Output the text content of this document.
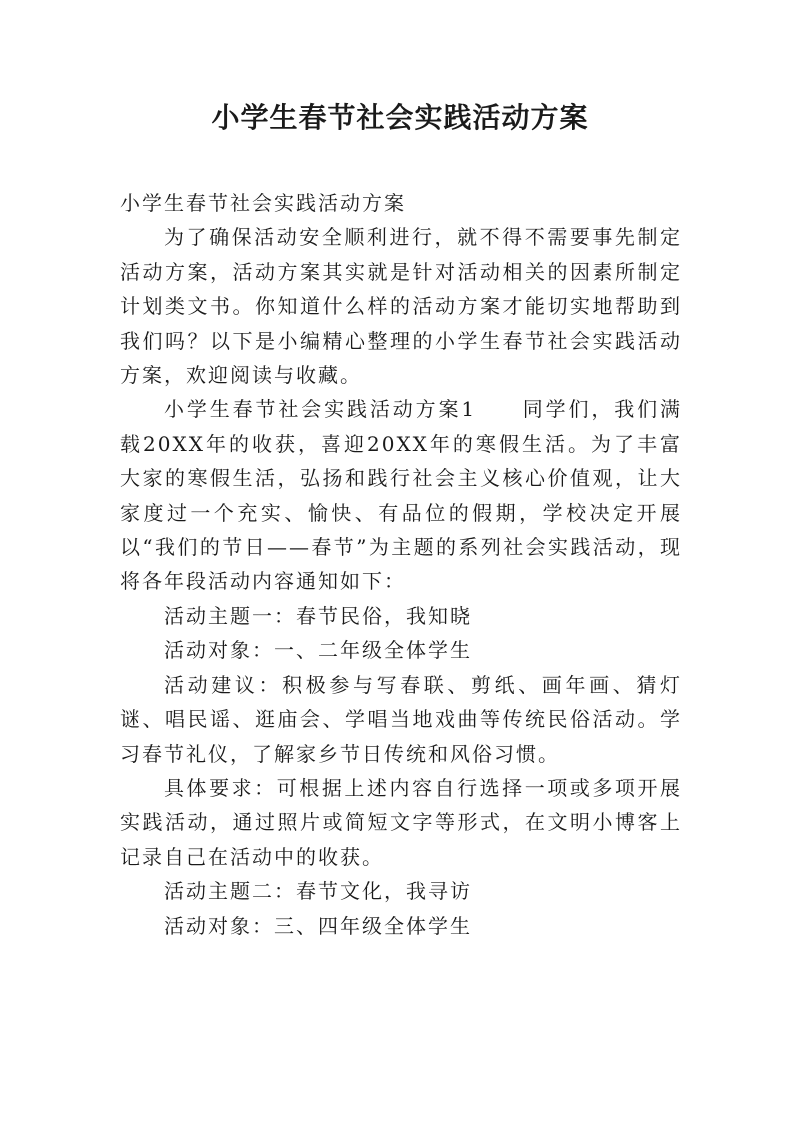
小学生春节社会实践活动方案

小学生春节社会实践活动方案

为了确保活动安全顺利进行，就不得不需要事先制定活动方案，活动方案其实就是针对活动相关的因素所制定计划类文书。你知道什么样的活动方案才能切实地帮助到我们吗？以下是小编精心整理的小学生春节社会实践活动方案，欢迎阅读与收藏。

小学生春节社会实践活动方案1　　同学们，我们满载20XX年的收获，喜迎20XX年的寒假生活。为了丰富大家的寒假生活，弘扬和践行社会主义核心价值观，让大家度过一个充实、愉快、有品位的假期，学校决定开展以“我们的节日——春节”为主题的系列社会实践活动，现将各年段活动内容通知如下：

活动主题一：春节民俗，我知晓

活动对象：一、二年级全体学生

活动建议：积极参与写春联、剪纸、画年画、猜灯谜、唱民谣、逛庙会、学唱当地戏曲等传统民俗活动。学习春节礼仪，了解家乡节日传统和风俗习惯。

具体要求：可根据上述内容自行选择一项或多项开展实践活动，通过照片或简短文字等形式，在文明小博客上记录自己在活动中的收获。

活动主题二：春节文化，我寻访

活动对象：三、四年级全体学生
